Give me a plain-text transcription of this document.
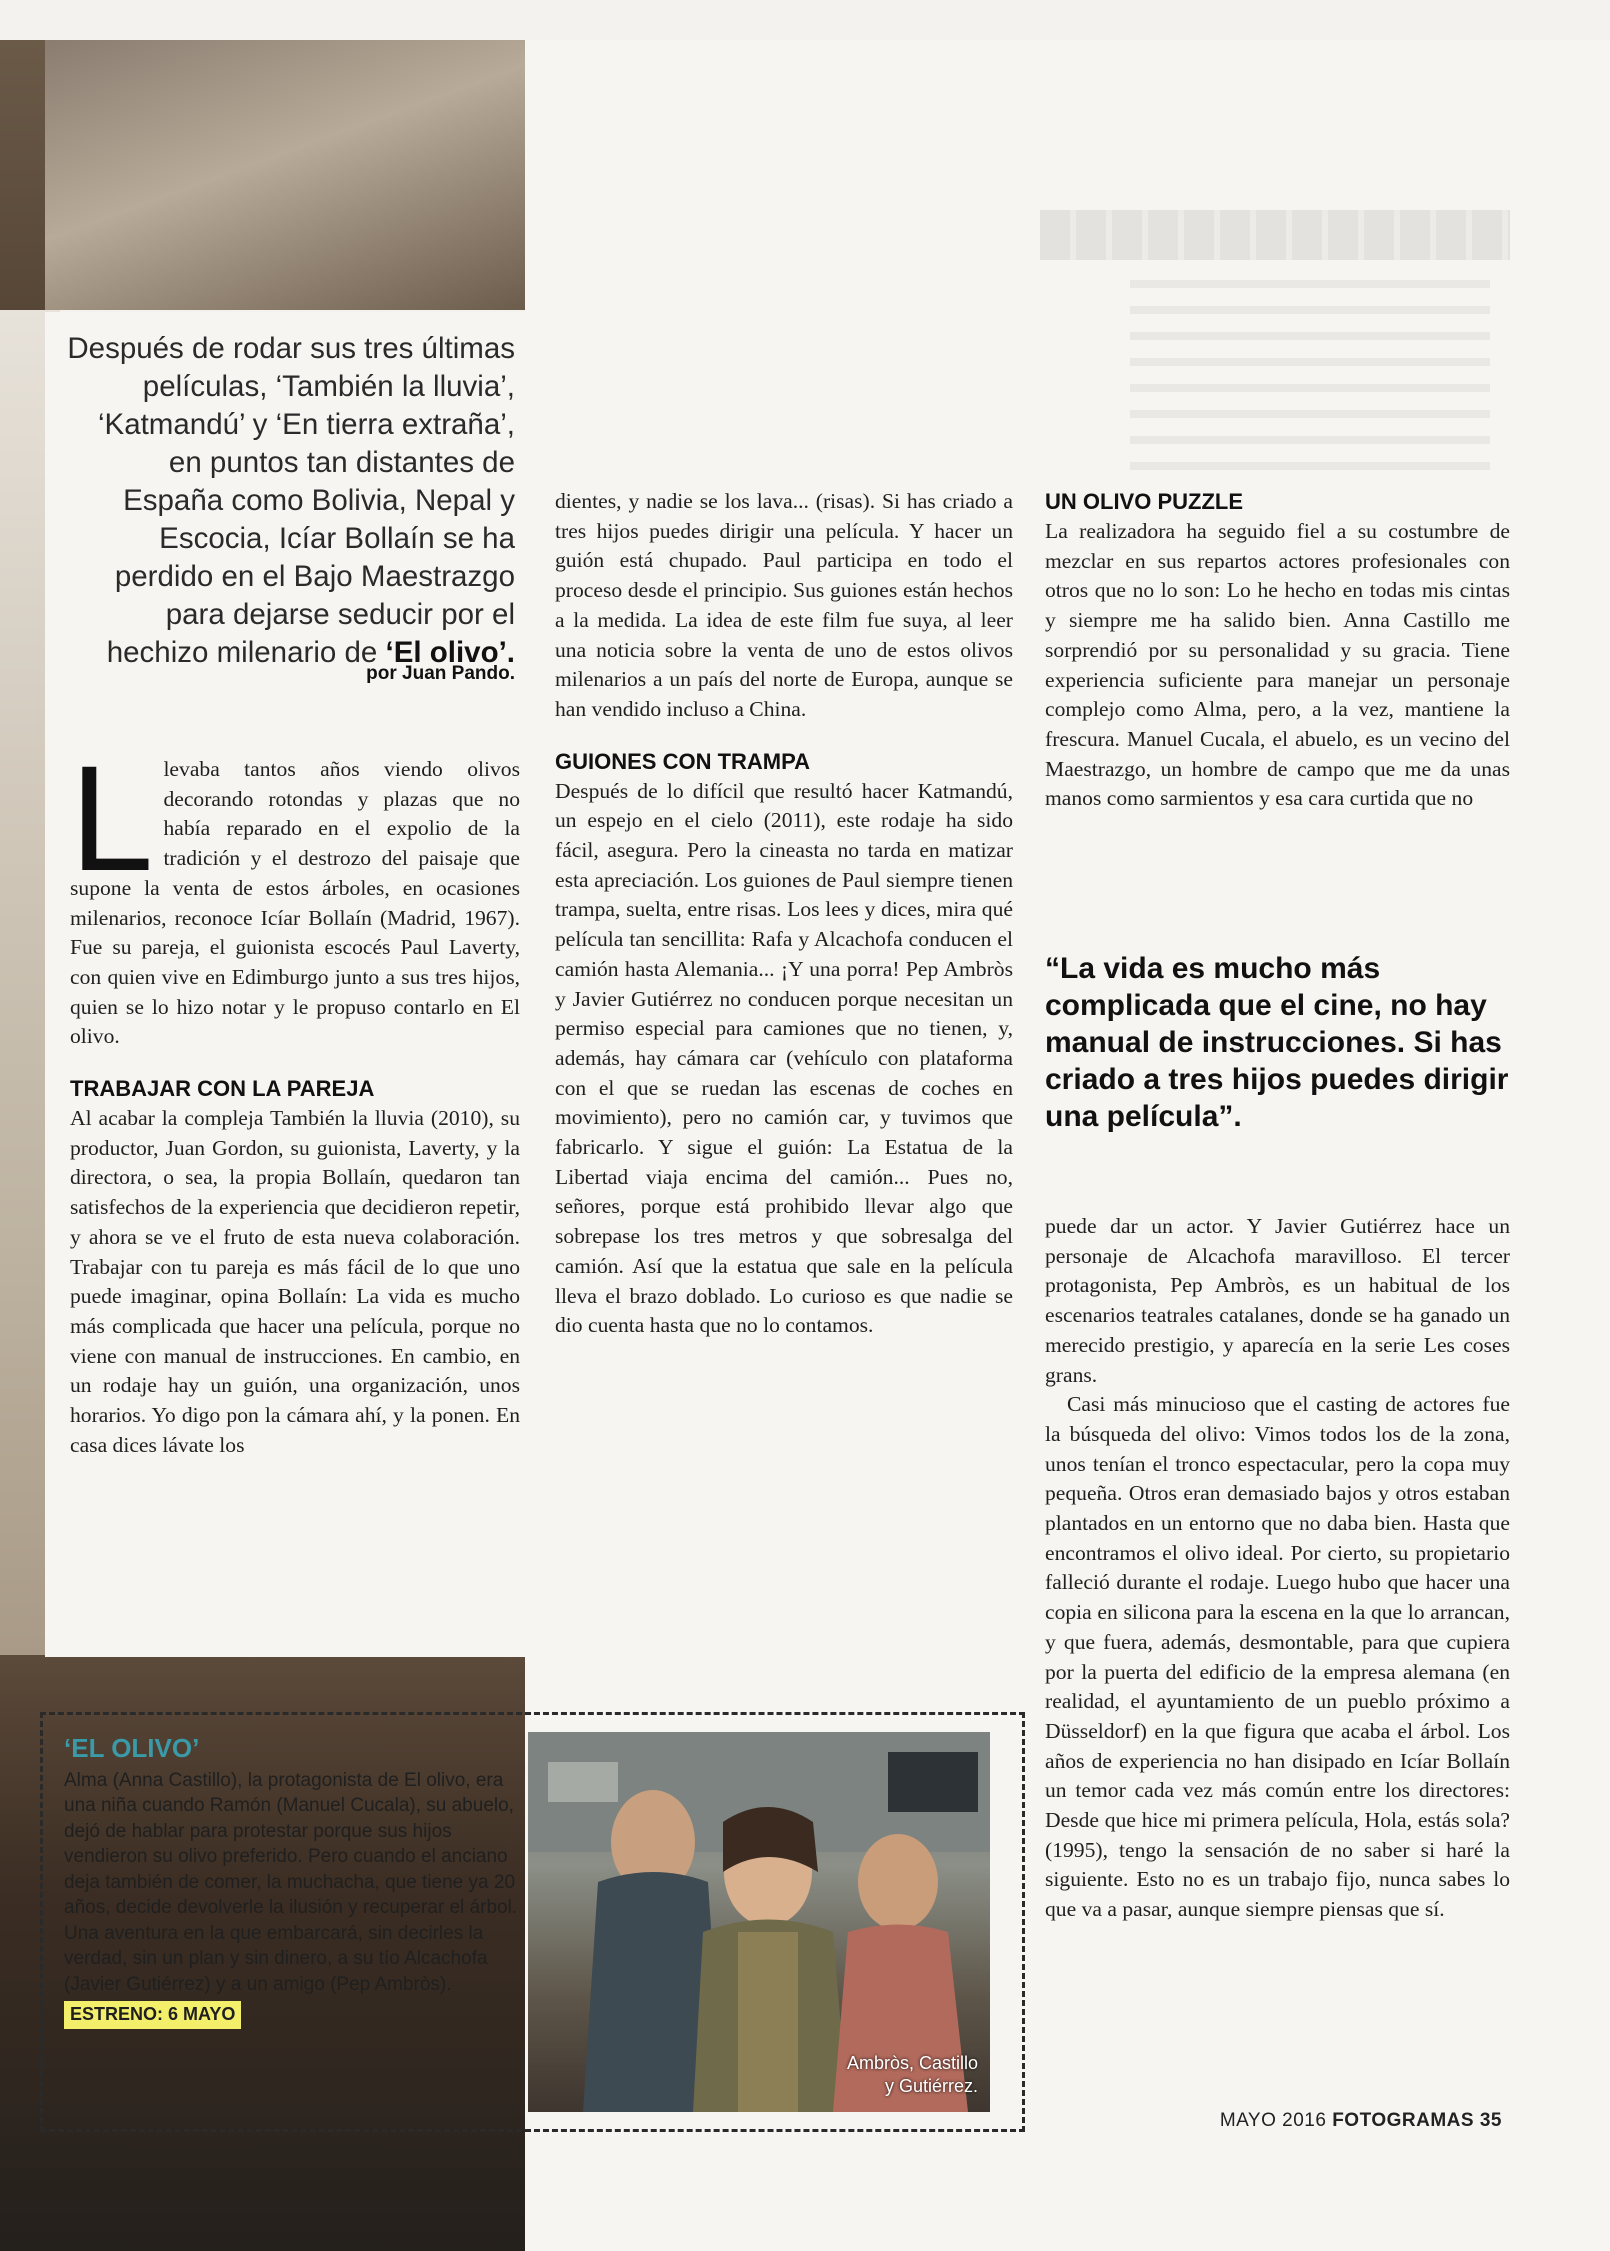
Después de rodar sus tres últimas películas, ‘También la lluvia’, ‘Katmandú’ y ‘En tierra extraña’, en puntos tan distantes de España como Bolivia, Nepal y Escocia, Icíar Bollaín se ha perdido en el Bajo Maestrazgo para dejarse seducir por el hechizo milenario de ‘El olivo’.
por Juan Pando.
L levaba tantos años viendo olivos decorando rotondas y plazas que no había reparado en el expolio de la tradición y el destrozo del paisaje que supone la venta de estos árboles, en ocasiones milenarios, reconoce Icíar Bollaín (Madrid, 1967). Fue su pareja, el guionista escocés Paul Laverty, con quien vive en Edimburgo junto a sus tres hijos, quien se lo hizo notar y le propuso contarlo en El olivo.

TRABAJAR CON LA PAREJA

Al acabar la compleja También la lluvia (2010), su productor, Juan Gordon, su guionista, Laverty, y la directora, o sea, la propia Bollaín, quedaron tan satisfechos de la experiencia que decidieron repetir, y ahora se ve el fruto de esta nueva colaboración. Trabajar con tu pareja es más fácil de lo que uno puede imaginar, opina Bollaín: La vida es mucho más complicada que hacer una película, porque no viene con manual de instrucciones. En cambio, en un rodaje hay un guión, una organización, unos horarios. Yo digo pon la cámara ahí, y la ponen. En casa dices lávate los

dientes, y nadie se los lava... (risas). Si has criado a tres hijos puedes dirigir una película. Y hacer un guión está chupado. Paul participa en todo el proceso desde el principio. Sus guiones están hechos a la medida. La idea de este film fue suya, al leer una noticia sobre la venta de uno de estos olivos milenarios a un país del norte de Europa, aunque se han vendido incluso a China.

GUIONES CON TRAMPA

Después de lo difícil que resultó hacer Katmandú, un espejo en el cielo (2011), este rodaje ha sido fácil, asegura. Pero la cineasta no tarda en matizar esta apreciación. Los guiones de Paul siempre tienen trampa, suelta, entre risas. Los lees y dices, mira qué película tan sencillita: Rafa y Alcachofa conducen el camión hasta Alemania... ¡Y una porra! Pep Ambròs y Javier Gutiérrez no conducen porque necesitan un permiso especial para camiones que no tienen, y, además, hay cámara car (vehículo con plataforma con el que se ruedan las escenas de coches en movimiento), pero no camión car, y tuvimos que fabricarlo. Y sigue el guión: La Estatua de la Libertad viaja encima del camión... Pues no, señores, porque está prohibido llevar algo que sobrepase los tres metros y que sobresalga del camión. Así que la estatua que sale en la película lleva el brazo doblado. Lo curioso es que nadie se dio cuenta hasta que no lo contamos.

UN OLIVO PUZZLE

La realizadora ha seguido fiel a su costumbre de mezclar en sus repartos actores profesionales con otros que no lo son: Lo he hecho en todas mis cintas y siempre me ha salido bien. Anna Castillo me sorprendió por su personalidad y su gracia. Tiene experiencia suficiente para manejar un personaje complejo como Alma, pero, a la vez, mantiene la frescura. Manuel Cucala, el abuelo, es un vecino del Maestrazgo, un hombre de campo que me da unas manos como sarmientos y esa cara curtida que no

“La vida es mucho más complicada que el cine, no hay manual de instrucciones. Si has criado a tres hijos puedes dirigir una película”.

puede dar un actor. Y Javier Gutiérrez hace un personaje de Alcachofa maravilloso. El tercer protagonista, Pep Ambròs, es un habitual de los escenarios teatrales catalanes, donde se ha ganado un merecido prestigio, y aparecía en la serie Les coses grans.

Casi más minucioso que el casting de actores fue la búsqueda del olivo: Vimos todos los de la zona, unos tenían el tronco espectacular, pero la copa muy pequeña. Otros eran demasiado bajos y otros estaban plantados en un entorno que no daba bien. Hasta que encontramos el olivo ideal. Por cierto, su propietario falleció durante el rodaje. Luego hubo que hacer una copia en silicona para la escena en la que lo arrancan, y que fuera, además, desmontable, para que cupiera por la puerta del edificio de la empresa alemana (en realidad, el ayuntamiento de un pueblo próximo a Düsseldorf) en la que figura que acaba el árbol. Los años de experiencia no han disipado en Icíar Bollaín un temor cada vez más común entre los directores: Desde que hice mi primera película, Hola, estás sola? (1995), tengo la sensación de no saber si haré la siguiente. Esto no es un trabajo fijo, nunca sabes lo que va a pasar, aunque siempre piensas que sí.

‘EL OLIVO’
Alma (Anna Castillo), la protagonista de El olivo, era una niña cuando Ramón (Manuel Cucala), su abuelo, dejó de hablar para protestar porque sus hijos vendieron su olivo preferido. Pero cuando el anciano deja también de comer, la muchacha, que tiene ya 20 años, decide devolverle la ilusión y recuperar el árbol. Una aventura en la que embarcará, sin decirles la verdad, sin un plan y sin dinero, a su tío Alcachofa (Javier Gutiérrez) y a un amigo (Pep Ambròs).
ESTRENO: 6 MAYO
Ambròs, Castillo
y Gutiérrez.
MAYO 2016 FOTOGRAMAS 35
